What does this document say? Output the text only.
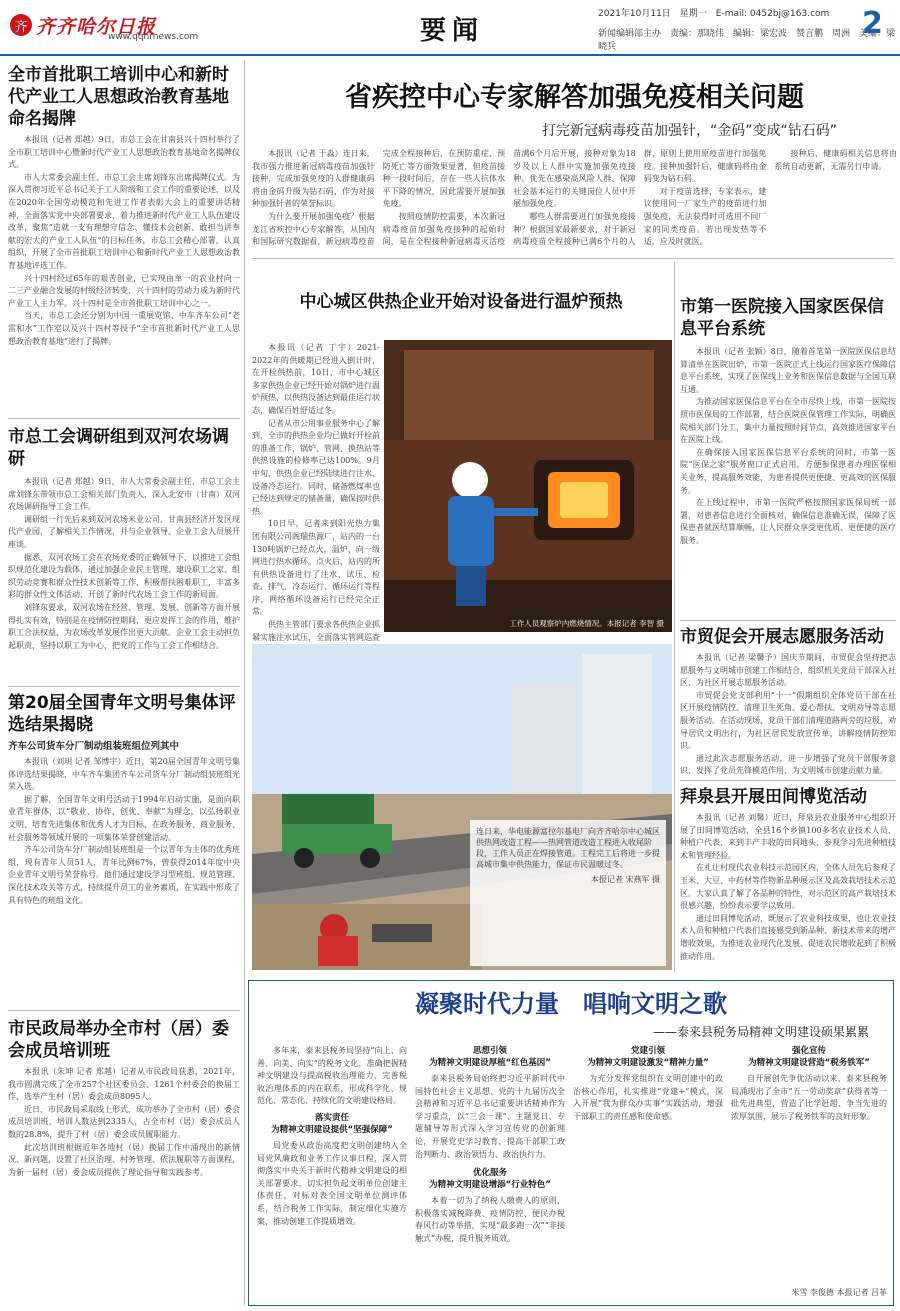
齐 齐齐哈尔日报
www.qqhrnews.com	要闻
2021年10月11日　星期一　E-mail: 0452bj@163.com
新闻编辑部主办　责编：那晓伟　编辑：梁宏波　赞言鹏　周洲　美编：梁晓兵
2
全市首批职工培训中心和新时代产业工人思想政治教育基地命名揭牌

本报讯（记者 郑越）9日，市总工会在甘南县兴十四村举行了全市职工培训中心暨新时代产业工人思想政治教育基地命名揭牌仪式。

市人大常委会副主任、市总工会主席刘锋东出席揭牌仪式。为深入贯彻习近平总书记关于工人阶级和工会工作的重要论述，以及在2020年全国劳动模范和先进工作者表彰大会上的重要讲话精神，全面落实党中央部署要求，着力推进新时代产业工人队伍建设改革，聚焦“造就一支有理想守信念、懂技术会创新、敢担当讲奉献的宏大的产业工人队伍”的目标任务，市总工会精心部署，认真组织，开展了全市首批职工培训中心和新时代产业工人思想政治教育基地评选工作。

兴十四村经过65年的艰苦创业，已实现由单一的农业村向一二三产业融合发展的村级经济转变，兴十四村的劳动力成为新时代产业工人主力军。兴十四村是全市首批职工培训中心之一。

当天，市总工会还分别为中国一重展览馆、中车齐车公司“老雷和水”工作室以及兴十四村等授予“全市首批新时代产业工人思想政治教育基地”进行了揭牌。

市总工会调研组到双河农场调研

本报讯（记者 郑越）9日，市人大常委会副主任、市总工会主席刘锋东带领市总工会相关部门负责人，深入北安市（甘南）双河农场调研指导工会工作。

调研组一行先后来到双河农场米业公司、甘南县经济开发区现代产业园，了解相关工作情况，并与企业领导、企业工会人员展开座谈。

据悉，双河农场工会在农场党委的正确领导下，以推进工会组织规范化建设为载体，通过加强企业民主管理、建设职工之家、组织劳动竞赛和群众性技术创新等工作，积极帮扶困难职工，丰富多彩的群众性文体活动，开创了新时代农场工会工作的新局面。

刘锋东要求，双河农场在经营、管理、发展、创新等方面开展得扎实有效，特别是在疫情防控期间，更应发挥工会的作用，维护职工合法权益，为农场改革发展作出更大贡献。企业工会主动担负起职责，坚持以职工为中心，把党的工作与工会工作相结合。

第20届全国青年文明号集体评选结果揭晓
齐车公司货车分厂制动组装班组位列其中

本报讯（刘玥 记者 邹博宇）近日，第20届全国青年文明号集体评选结果揭晓，中车齐车集团齐车公司货车分厂制动组装班组光荣入选。

据了解，全国青年文明号活动于1994年启动实施，是面向职业青年群体，以“敬业、协作、创优、奉献”为理念，以弘扬职业文明、培育先进集体和优秀人才为目标，在政务服务、商业服务、社会服务等领域开展的一项集体荣誉创建活动。

齐车公司货车分厂制动组装班组是一个以青年为主体的优秀班组，现有青年人员51人，青年比例67%，曾获得2014年度中央企业青年文明号荣誉称号。他们通过建设学习型班组、规范管理、深化技术攻关等方式，持续提升员工的业务素质，在实践中形成了具有特色的班组文化。

市民政局举办全市村（居）委会成员培训班

本报讯（朱坤 记者 郑越）记者从市民政局获悉，2021年，我市圆满完成了全市257个社区委员会、1261个村委会的换届工作，选举产生村（居）委会成员8095人。

近日，市民政局采取线上形式，成功举办了全市村（居）委会成员培训班，培训人数达到2335人，占全市村（居）委会成员人数的28.8%，提升了村（居）委会成员履职能力。

此次培训班根据近年各地村（居）换届工作中涌现出的新情况、新问题，设置了社区治理、村务管理、依法履职等方面课程，为新一届村（居）委会成员提供了理论指导和实践参考。

省疾控中心专家解答加强免疫相关问题
打完新冠病毒疫苗加强针，“金码”变成“钻石码”

本报讯（记者 于淼）连日来，我市强力推进新冠病毒疫苗加强针接种，完成加强免疫的人群健康码将由金码升级为钻石码，作为对接种加强针者的荣誉标识。

为什么要开展加强免疫？根据龙江省疾控中心专家解答，从国内和国际研究数据看，新冠病毒疫苗完成全程接种后，在预防重症、预防死亡等方面效果显著，但疫苗接种一段时间后，存在一些人抗体水平下降的情况，因此需要开展加强免疫。

按照疫情防控需要，本次新冠病毒疫苗加强免疫接种的起始时间，是在全程接种新冠病毒灭活疫苗满6个月后开展，接种对象为18岁及以上人群中实施加强免疫接种。优先在感染高风险人群、保障社会基本运行的关键岗位人员中开展加强免疫。

哪些人群需要进行加强免疫接种？根据国家最新要求，对于新冠病毒疫苗全程接种已满6个月的人群，原则上使用原疫苗进行加强免疫。接种加强针后，健康码将由金码变为钻石码。

对于疫苗选择，专家表示，建议使用同一厂家生产的疫苗进行加强免疫，无法获得时可选用不同厂家的同类疫苗。若出现发热等不适，应及时就医。

接种后，健康码相关信息将由系统自动更新，无需另行申请。

中心城区供热企业开始对设备进行温炉预热

本报讯（记者 丁宇）2021-2022年的供暖期已经进入倒计时，在开栓供热前，10日，市中心城区多家供热企业已经开始对锅炉进行温炉预热，以供热设备达到最佳运行状态，确保百姓舒适过冬。

记者从市公用事业服务中心了解到，全市的供热企业均已做好开栓前的准备工作，锅炉、管网、换热站等供热设施的检修率已达100%。9月中旬，供热企业已经陆续进行注水、设备冷态运行。同时，储备燃煤率也已经达到规定的储备量，确保按时供热。

10日早，记者来到阳光热力集团有限公司阁瑞热源厂，站内的一台130吨锅炉已经点火，温炉，向一级网进行热水循环。点火后，站内的所有供热设备进行了注水、试压、检查、排气、冷态运行、循环运行等程序，网络循环设备运行已经完全正常。

供热主管部门要求各供热企业抓紧实施注水试压，全面落实管网巡查

工作人员观察炉内燃烧情况。本报记者 李智 摄
连日来，华电能源富拉尔基电厂向齐齐哈尔中心城区供热网改造工程——热网管道改造工程进入收尾阶段，工作人员正在焊接管道。工程完工后将进一步提高城市集中供热能力，保证市民温暖过冬。
本报记者 宋燕军 摄
市第一医院接入国家医保信息平台系统

本报讯（记者 张颖）8日，随着首笔第一医院医保信息结算清单在医院出炉，市第一医院正式上线运行国家医疗保障信息平台系统，实现了医保线上业务和医保信息数据与全国互联互通。

为推动国家医保信息平台在全市尽快上线，市第一医院按照市医保局的工作部署，结合医院医保管理工作实际，明确医院相关部门分工，集中力量按照时间节点，高效推进国家平台在医院上线。

在确保接入国家医保信息平台系统的同时，市第一医院“医保之家”服务窗口正式启用，方便参保患者办理医保相关业务，提高服务效能，为患者提供更便捷、更高效的医保服务。

在上线过程中，市第一医院严格按照国家医保局统一部署，对患者信息进行全面核对，确保信息准确无误，保障了医保患者就医结算顺畅，让人民群众享受更优质、更便捷的医疗服务。

市贸促会开展志愿服务活动

本报讯（记者 梁馨予）国庆节期间，市贸促会坚持把志愿服务与文明城市创建工作相结合，组织机关党员干部深入社区，为社区开展志愿服务活动。

市贸促会党支部利用“十一”假期组织全体党员干部在社区开展疫情防控、清理卫生死角、爱心帮扶、文明劝导等志愿服务活动。在活动现场，党员干部们清理道路两旁的垃圾，劝导居民文明出行，为社区居民发放宣传单，讲解疫情防控知识。

通过此次志愿服务活动，进一步增强了党员干部服务意识，发挥了党员先锋模范作用，为文明城市创建贡献力量。

拜泉县开展田间博览活动

本报讯（记者 刘馨）近日，拜泉县农业服务中心组织开展了田间博览活动，全县16个乡镇100多名农业技术人员、种植户代表，来到丰产丰收的田间地头，参观学习先进种植技术和管理经验。

在礼让村现代农业科技示范园区内，全体人员先后参观了玉米、大豆、中药材等作物新品种展示区及高效栽培技术示范区。大家认真了解了各品种的特性，对示范区的高产栽培技术很感兴趣，纷纷表示要学以致用。

通过田间博览活动，既展示了农业科技成果，也让农业技术人员和种植户代表们直接感受到新品种、新技术带来的增产增收效果，为推进农业现代化发展、促进农民增收起到了积极推动作用。

凝聚时代力量　唱响文明之歌
——泰来县税务局精神文明建设硕果累累

多年来，泰来县税务局坚持“向上、向善、向美、向实”的税务文化，准确把握精神文明建设与提高税收治理能力、完善税收治理体系的内在联系，形成科学化、规范化、常态化、持续化的文明建设格局。

落实责任
为精神文明建设提供“坚强保障”

局党委从政治高度把文明创建纳入全局党风廉政和业务工作议事日程，深入贯彻落实中央关于新时代精神文明建设的相关部署要求，切实担负起文明单位创建主体责任，对标对表全国文明单位测评体系，结合税务工作实际，制定细化实施方案，推动创建工作提质增效。

思想引领
为精神文明建设厚植“红色基因”

泰来县税务局始终把习近平新时代中国特色社会主义思想、党的十九届历次全会精神和习近平总书记重要讲话精神作为学习重点，以“三会一课”、主题党日、专题辅导等形式深入学习宣传党的创新理论，开展党史学习教育，提高干部职工政治判断力、政治领悟力、政治执行力。

优化服务
为精神文明建设增添“行业特色”

本着一切为了纳税人缴费人的原则，积极落实减税降费、疫情防控、便民办税春风行动等举措，实现“最多跑一次”“非接触式”办税，提升服务质效。

党建引领
为精神文明建设激发“精神力量”

为充分发挥党组织在文明创建中的政治核心作用，扎实推进“党建+”模式，深入开展“我为群众办实事”实践活动，增强干部职工的责任感和使命感。

强化宣传
为精神文明建设营造“税务铁军”

自开展创先争优活动以来，泰来县税务局涌现出了全市“五一劳动奖章”获得者等一批先进典型，营造了比学赶超、争当先进的浓厚氛围，展示了税务铁军的良好形象。

米雪 李俊德 本报记者 吕菲
